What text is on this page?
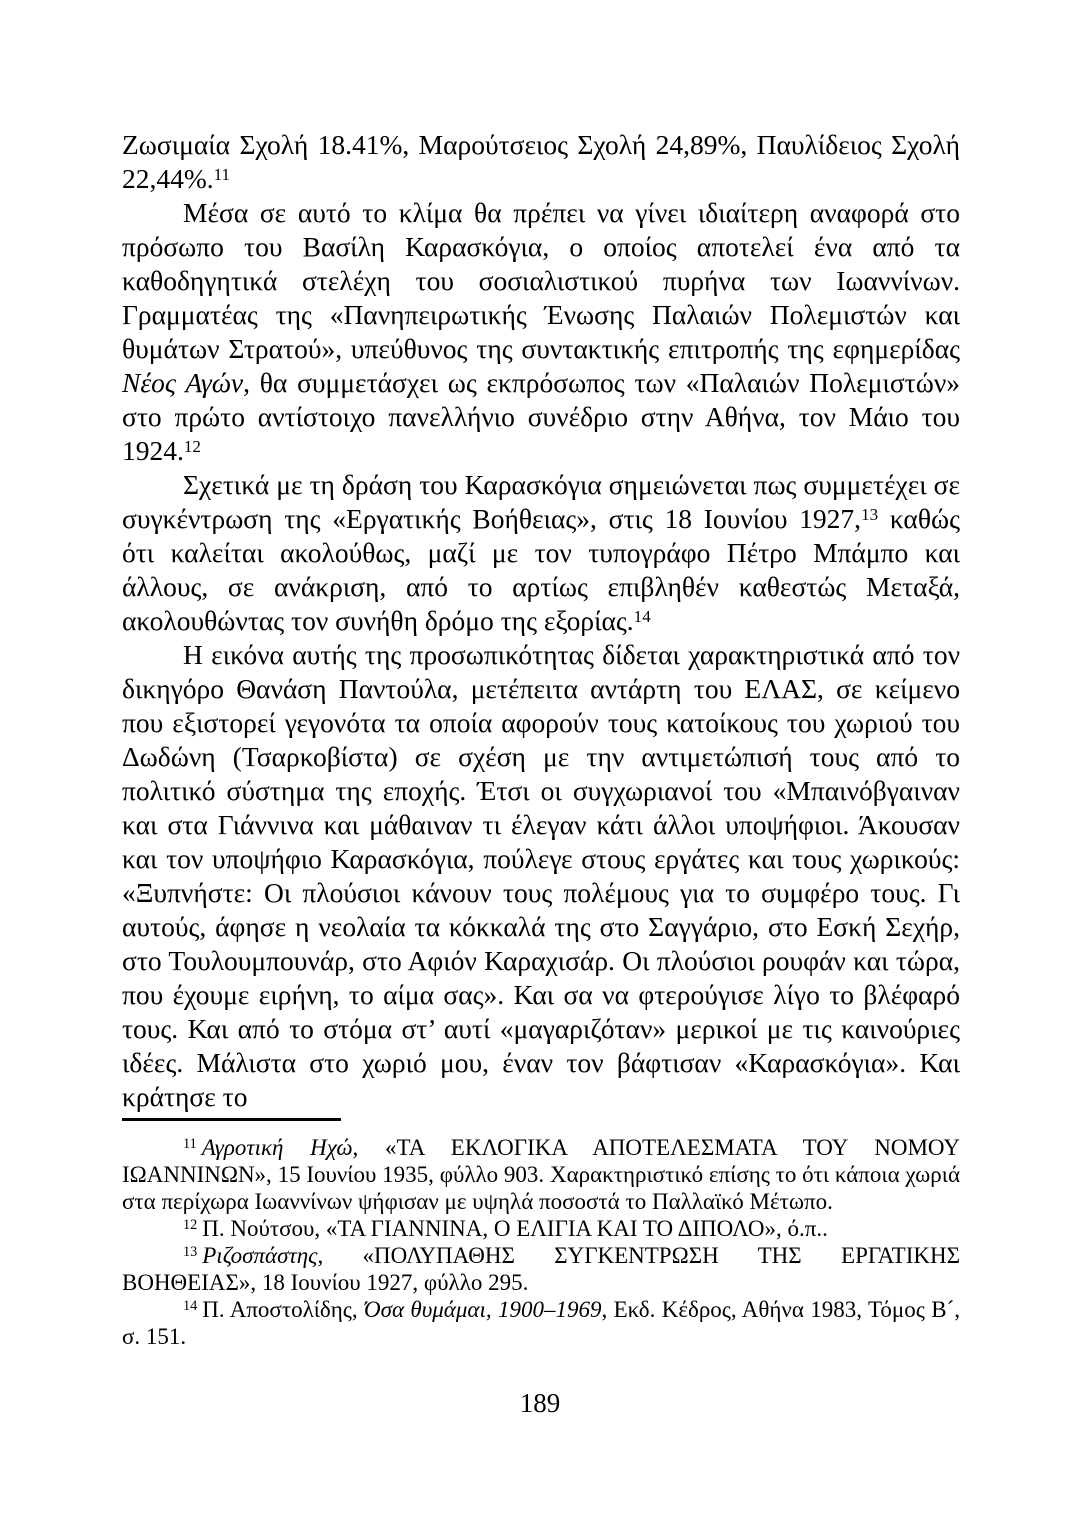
Ζωσιμαία Σχολή 18.41%, Μαρούτσειος Σχολή 24,89%, Παυλίδειος Σχολή 22,44%.$^{11}$

Μέσα σε αυτό το κλίμα θα πρέπει να γίνει ιδιαίτερη αναφορά στο πρόσωπο του Βασίλη Καρασκόγια, ο οποίος αποτελεί ένα από τα καθοδηγητικά στελέχη του σοσιαλιστικού πυρήνα των Ιωαννίνων. Γραμματέας της «Πανηπειρωτικής Ένωσης Παλαιών Πολεμιστών και θυμάτων Στρατού», υπεύθυνος της συντακτικής επιτροπής της εφημερίδας Νέος Αγών, θα συμμετάσχει ως εκπρόσωπος των «Παλαιών Πολεμιστών» στο πρώτο αντίστοιχο πανελλήνιο συνέδριο στην Αθήνα, τον Μάιο του 1924.12

Σχετικά με τη δράση του Καρασκόγια σημειώνεται πως συμμετέχει σε συγκέντρωση της «Εργατικής Βοήθειας», στις 18 Ιουνίου 1927,13 καθώς ότι καλείται ακολούθως, μαζί με τον τυπογράφο Πέτρο Μπάμπο και άλλους, σε ανάκριση, από το αρτίως επιβληθέν καθεστώς Μεταξά, ακολουθώντας τον συνήθη δρόμο της εξορίας.$^{14}$

Η εικόνα αυτής της προσωπικότητας δίδεται χαρακτηριστικά από τον δικηγόρο Θανάση Παντούλα, μετέπειτα αντάρτη του ΕΛΑΣ, σε κείμενο που εξιστορεί γεγονότα τα οποία αφορούν τους κατοίκους του χωριού του Δωδώνη (Τσαρκοβίστα) σε σχέση με την αντιμετώπισή τους από το πολιτικό σύστημα της εποχής. Έτσι οι συγχωριανοί του «Μπαινόβγαιναν και στα Γιάννινα και μάθαιναν τι έλεγαν κάτι άλλοι υποψήφιοι. Άκουσαν και τον υποψήφιο Καρασκόγια, πούλεγε στους εργάτες και τους χωρικούς: «Ξυπνήστε: Οι πλούσιοι κάνουν τους πολέμους για το συμφέρο τους. Γι αυτούς, άφησε η νεολαία τα κόκκαλά της στο Σαγγάριο, στο Εσκή Σεχήρ, στο Τουλουμπουνάρ, στο Αφιόν Καραχισάρ. Οι πλούσιοι ρουφάν και τώρα, που έχουμε ειρήνη, το αίμα σας». Και σα να φτερούγισε λίγο το βλέφαρό τους. Και από το στόμα στ’ αυτί «μαγαριζόταν» μερικοί με τις καινούριες ιδέες. Μάλιστα στο χωριό μου, έναν τον βάφτισαν «Καρασκόγια». Και κράτησε το

$^{11}$ Αγροτική Ηχώ, «ΤΑ ΕΚΛΟΓΙΚΑ ΑΠΟΤΕΛΕΣΜΑΤΑ ΤΟΥ ΝΟΜΟΥ ΙΩΑΝΝΙΝΩΝ», 15 Ιουνίου 1935, φύλλο 903. Χαρακτηριστικό επίσης το ότι κάποια χωριά στα περίχωρα Ιωαννίνων ψήφισαν με υψηλά ποσοστά το Παλλαϊκό Μέτωπο.

$^{12}$ Π. Νούτσου, «ΤΑ ΓΙΑΝΝΙΝΑ, Ο ΕΛΙΓΙΑ ΚΑΙ ΤΟ ΔΙΠΟΛΟ», ό.π..

$^{13}$ Ριζοσπάστης, «ΠΟΛΥΠΑΘΗΣ ΣΥΓΚΕΝΤΡΩΣΗ ΤΗΣ ΕΡΓΑΤΙΚΗΣ ΒΟΗΘΕΙΑΣ», 18 Ιουνίου 1927, φύλλο 295.

$^{14}$ Π. Αποστολίδης, Όσα θυμάμαι, 1900–1969, Εκδ. Κέδρος, Αθήνα 1983, Τόμος Β´, σ. 151.

189
